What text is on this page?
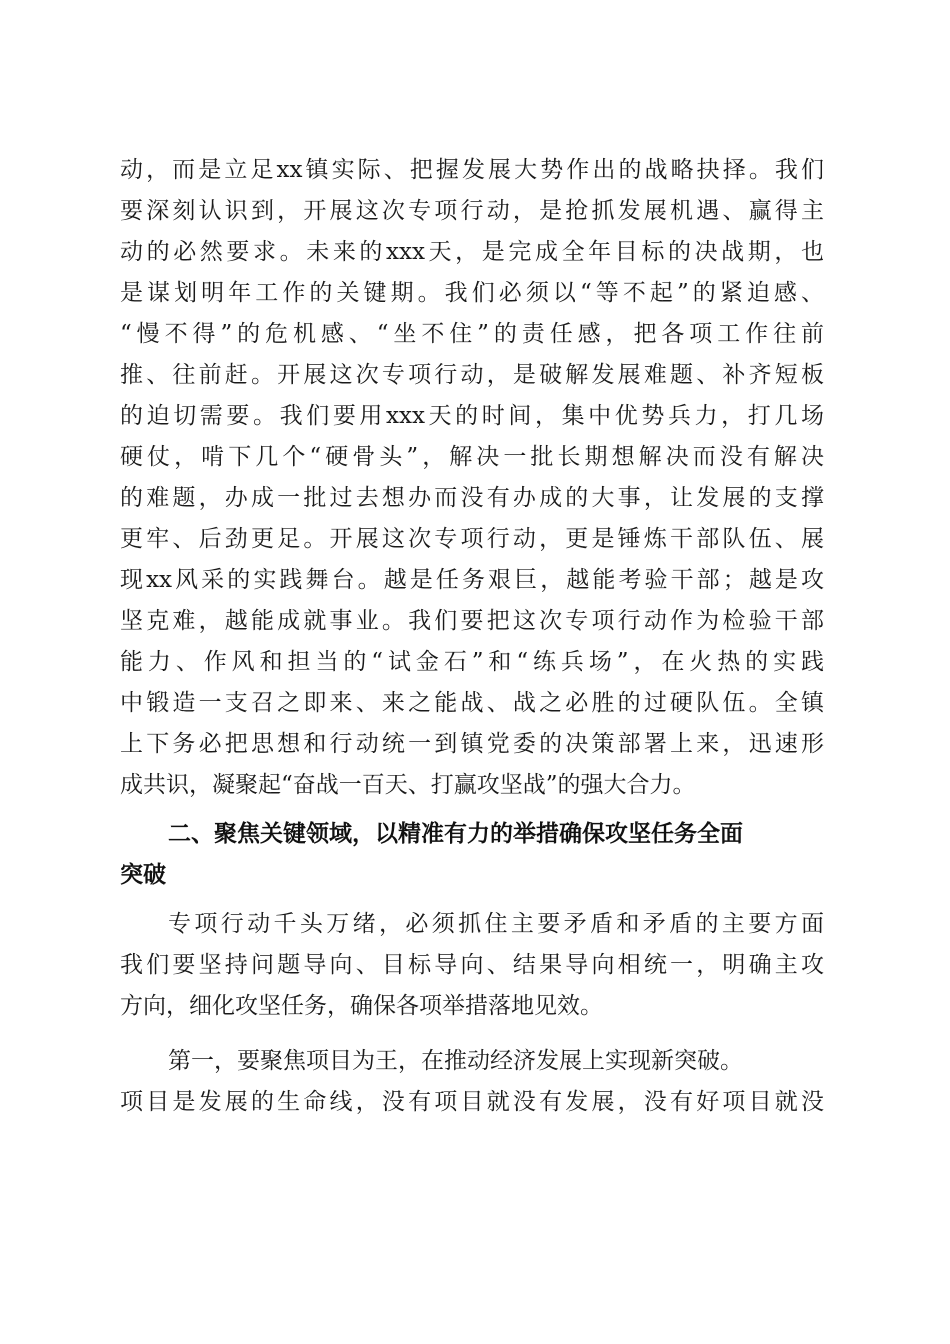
动，而是立足xx镇实际、把握发展大势作出的战略抉择。我们
要深刻认识到，开展这次专项行动，是抢抓发展机遇、赢得主
动的必然要求。未来的xxx天，是完成全年目标的决战期，也
是谋划明年工作的关键期。我们必须以“等不起”的紧迫感、
“慢不得”的危机感、“坐不住”的责任感，把各项工作往前
推、往前赶。开展这次专项行动，是破解发展难题、补齐短板
的迫切需要。我们要用xxx天的时间，集中优势兵力，打几场
硬仗，啃下几个“硬骨头”，解决一批长期想解决而没有解决
的难题，办成一批过去想办而没有办成的大事，让发展的支撑
更牢、后劲更足。开展这次专项行动，更是锤炼干部队伍、展
现xx风采的实践舞台。越是任务艰巨，越能考验干部；越是攻
坚克难，越能成就事业。我们要把这次专项行动作为检验干部
能力、作风和担当的“试金石”和“练兵场”，在火热的实践
中锻造一支召之即来、来之能战、战之必胜的过硬队伍。全镇
上下务必把思想和行动统一到镇党委的决策部署上来，迅速形
成共识，凝聚起“奋战一百天、打赢攻坚战”的强大合力。
二、聚焦关键领域，以精准有力的举措确保攻坚任务全面
突破
专项行动千头万绪，必须抓住主要矛盾和矛盾的主要方面
我们要坚持问题导向、目标导向、结果导向相统一，明确主攻
方向，细化攻坚任务，确保各项举措落地见效。
第一，要聚焦项目为王，在推动经济发展上实现新突破。
项目是发展的生命线，没有项目就没有发展，没有好项目就没
